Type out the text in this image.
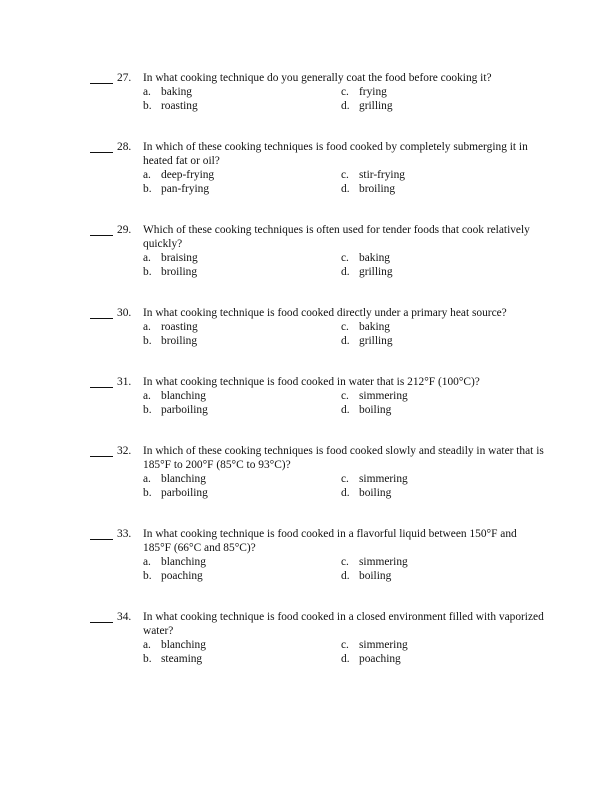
27.	In what cooking technique do you generally coat the food before cooking it?

a. baking
b. roasting
c. frying
d. grilling
28.	In which of these cooking techniques is food cooked by completely submerging it in heated fat or oil?

a. deep-frying
b. pan-frying
c. stir-frying
d. broiling
29.	Which of these cooking techniques is often used for tender foods that cook relatively quickly?

a. braising
b. broiling
c. baking
d. grilling
30.	In what cooking technique is food cooked directly under a primary heat source?

a. roasting
b. broiling
c. baking
d. grilling
31.	In what cooking technique is food cooked in water that is 212°F (100°C)?

a. blanching
b. parboiling
c. simmering
d. boiling
32.	In which of these cooking techniques is food cooked slowly and steadily in water that is 185°F to 200°F (85°C to 93°C)?

a. blanching
b. parboiling
c. simmering
d. boiling
33.	In what cooking technique is food cooked in a flavorful liquid between 150°F and 185°F (66°C and 85°C)?

a. blanching
b. poaching
c. simmering
d. boiling
34.	In what cooking technique is food cooked in a closed environment filled with vaporized water?

a. blanching
b. steaming
c. simmering
d. poaching
